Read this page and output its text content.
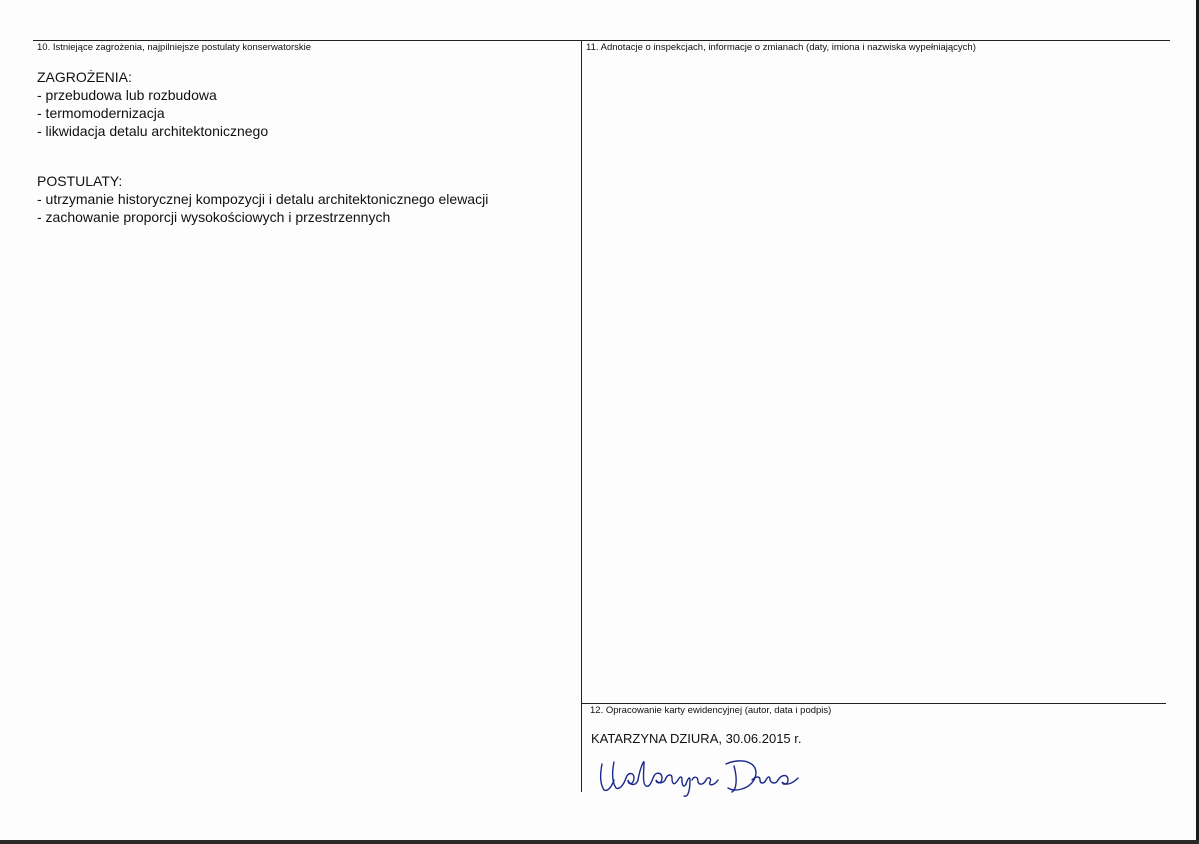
10. Istniejące zagrożenia, najpilniejsze postulaty konserwatorskie
ZAGROŻENIA:
- przebudowa lub rozbudowa
- termomodernizacja
- likwidacja detalu architektonicznego
POSTULATY:
- utrzymanie historycznej kompozycji i detalu architektonicznego elewacji
- zachowanie proporcji wysokościowych i przestrzennych
11. Adnotacje o inspekcjach, informacje o zmianach (daty, imiona i nazwiska wypełniających)
12. Opracowanie karty ewidencyjnej (autor, data i podpis)
KATARZYNA DZIURA, 30.06.2015 r.
